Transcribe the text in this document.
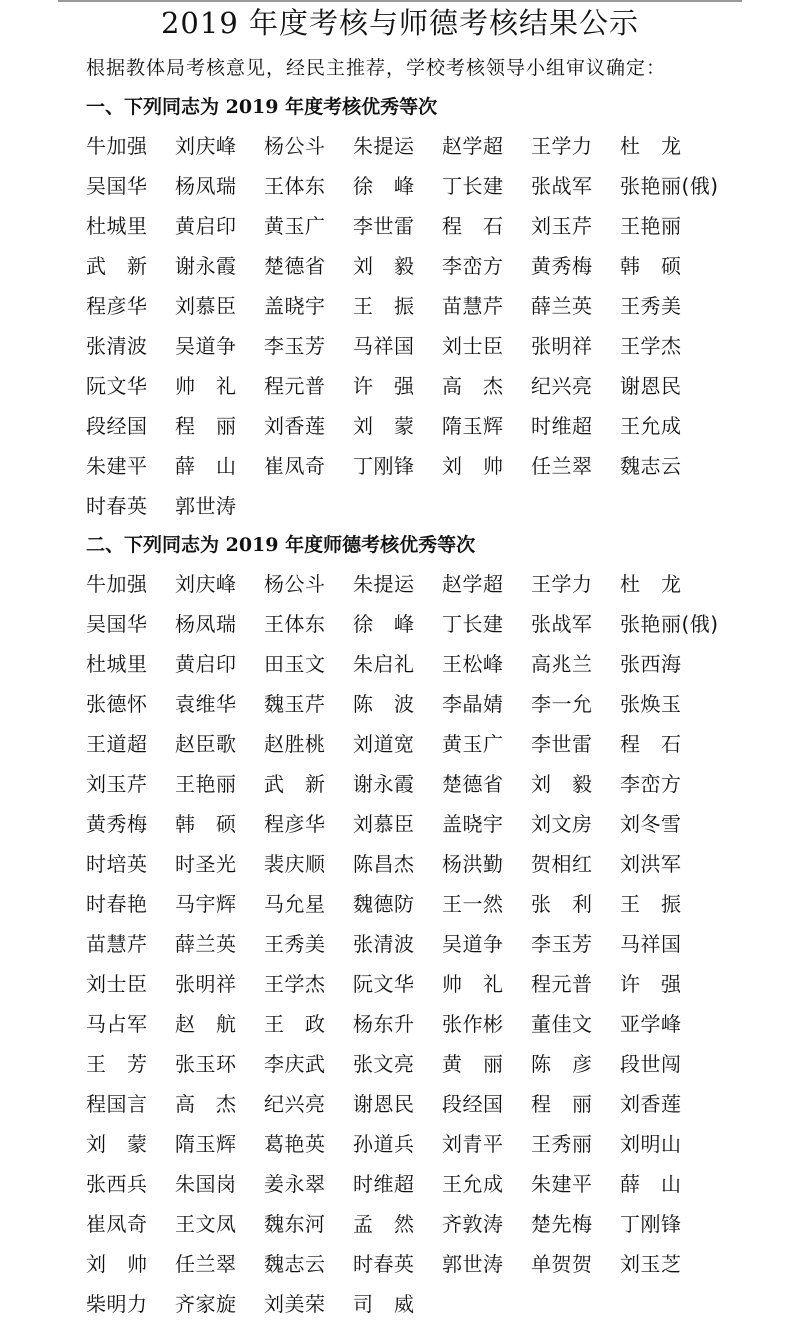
2019 年度考核与师德考核结果公示
根据教体局考核意见，经民主推荐，学校考核领导小组审议确定：
一、下列同志为 2019 年度考核优秀等次
牛加强	刘庆峰	杨公斗	朱提运	赵学超	王学力	杜　龙
吴国华	杨凤瑞	王体东	徐　峰	丁长建	张战军	张艳丽(俄)
杜城里	黄启印	黄玉广	李世雷	程　石	刘玉芹	王艳丽
武　新	谢永霞	楚德省	刘　毅	李峦方	黄秀梅	韩　硕
程彦华	刘慕臣	盖晓宇	王　振	苗慧芹	薛兰英	王秀美
张清波	吴道争	李玉芳	马祥国	刘士臣	张明祥	王学杰
阮文华	帅　礼	程元普	许　强	高　杰	纪兴亮	谢恩民
段经国	程　丽	刘香莲	刘　蒙	隋玉辉	时维超	王允成
朱建平	薛　山	崔凤奇	丁刚锋	刘　帅	任兰翠	魏志云
时春英	郭世涛
二、下列同志为 2019 年度师德考核优秀等次
牛加强	刘庆峰	杨公斗	朱提运	赵学超	王学力	杜　龙
吴国华	杨凤瑞	王体东	徐　峰	丁长建	张战军	张艳丽(俄)
杜城里	黄启印	田玉文	朱启礼	王松峰	高兆兰	张西海
张德怀	袁维华	魏玉芹	陈　波	李晶婧	李一允	张焕玉
王道超	赵臣歌	赵胜桃	刘道宽	黄玉广	李世雷	程　石
刘玉芹	王艳丽	武　新	谢永霞	楚德省	刘　毅	李峦方
黄秀梅	韩　硕	程彦华	刘慕臣	盖晓宇	刘文房	刘冬雪
时培英	时圣光	裴庆顺	陈昌杰	杨洪勤	贺相红	刘洪军
时春艳	马宇辉	马允星	魏德防	王一然	张　利	王　振
苗慧芹	薛兰英	王秀美	张清波	吴道争	李玉芳	马祥国
刘士臣	张明祥	王学杰	阮文华	帅　礼	程元普	许　强
马占军	赵　航	王　政	杨东升	张作彬	董佳文	亚学峰
王　芳	张玉环	李庆武	张文亮	黄　丽	陈　彦	段世闯
程国言	高　杰	纪兴亮	谢恩民	段经国	程　丽	刘香莲
刘　蒙	隋玉辉	葛艳英	孙道兵	刘青平	王秀丽	刘明山
张西兵	朱国岗	姜永翠	时维超	王允成	朱建平	薛　山
崔凤奇	王文凤	魏东河	孟　然	齐敦涛	楚先梅	丁刚锋
刘　帅	任兰翠	魏志云	时春英	郭世涛	单贺贺	刘玉芝
柴明力	齐家旋	刘美荣	司　威
